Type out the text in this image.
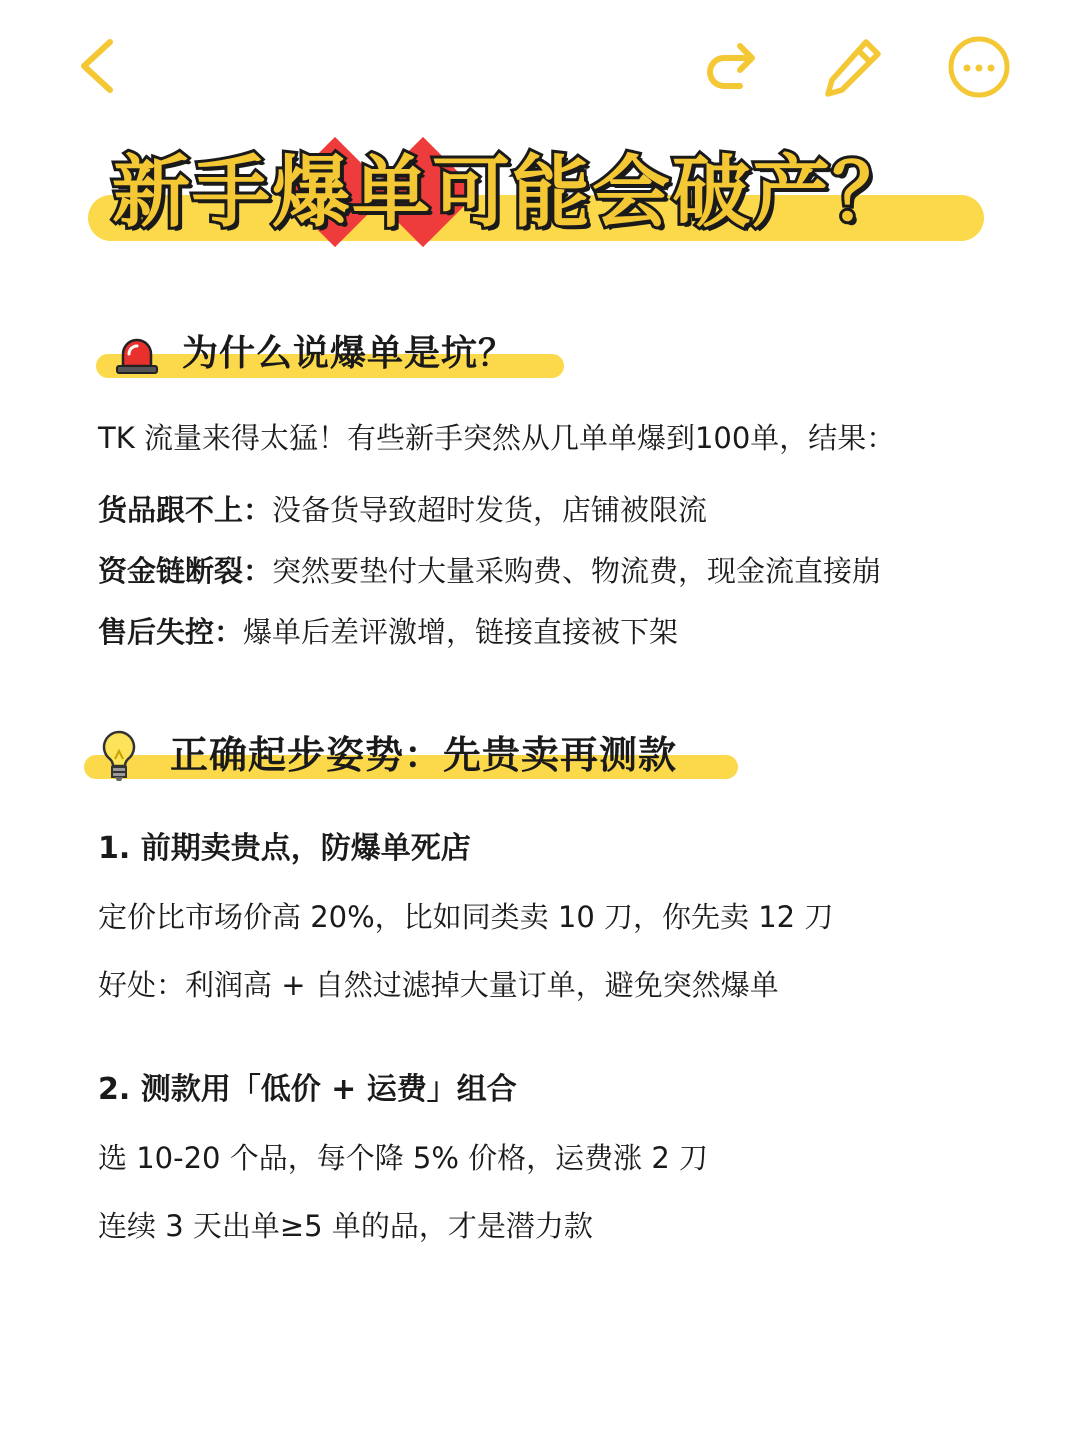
新手爆单可能会破产？
为什么说爆单是坑？
TK 流量来得太猛！有些新手突然从几单单爆到100单，结果：
货品跟不上：没备货导致超时发货，店铺被限流
资金链断裂：突然要垫付大量采购费、物流费，现金流直接崩
售后失控：爆单后差评激增，链接直接被下架
正确起步姿势：先贵卖再测款
1. 前期卖贵点，防爆单死店
定价比市场价高 20%，比如同类卖 10 刀，你先卖 12 刀
好处：利润高 + 自然过滤掉大量订单，避免突然爆单
2. 测款用「低价 + 运费」组合
选 10-20 个品，每个降 5% 价格，运费涨 2 刀
连续 3 天出单≥5 单的品，才是潜力款
